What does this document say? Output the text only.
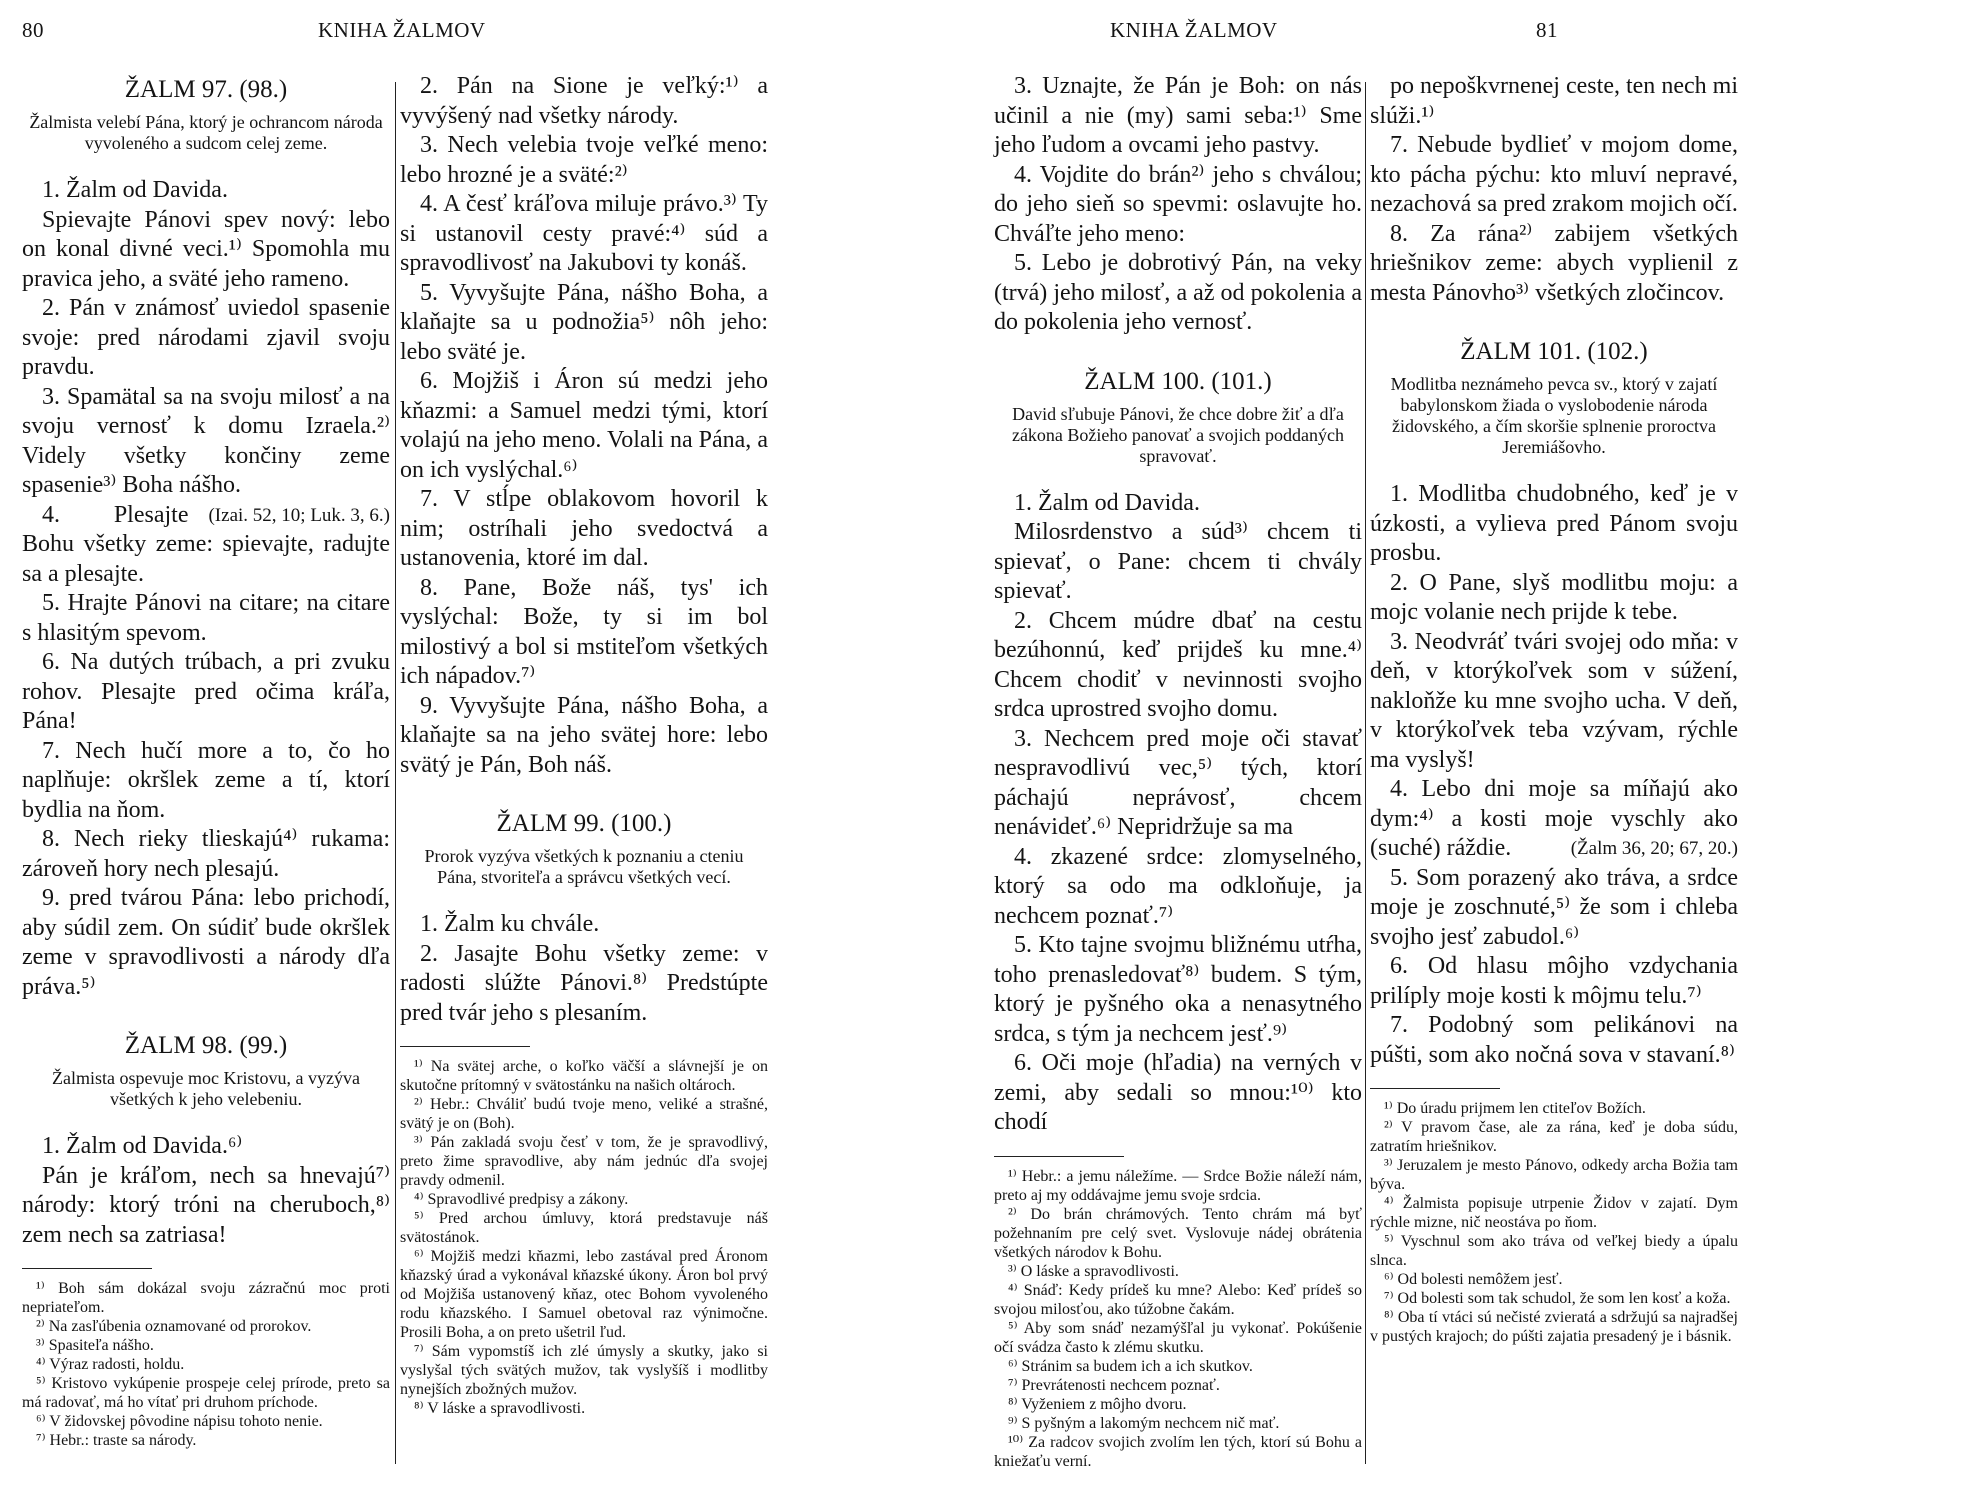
80	KNIHA ŽALMOV
ŽALM 97. (98.)
Žalmista velebí Pána, ktorý je ochrancom národa vyvoleného a sudcom celej zeme.

1. Žalm od Davida.

Spievajte Pánovi spev nový: lebo on konal divné veci.¹⁾ Spomohla mu pravica jeho, a sväté jeho rameno.

2. Pán v známosť uviedol spasenie svoje: pred národami zjavil svoju pravdu.

3. Spamätal sa na svoju milosť a na svoju vernosť k domu Izraela.²⁾ Videly všetky končiny zeme spasenie³⁾ Boha nášho.
(Izai. 52, 10; Luk. 3, 6.)

4. Plesajte Bohu všetky zeme: spievajte, radujte sa a plesajte.

5. Hrajte Pánovi na citare; na citare s hlasitým spevom.

6. Na dutých trúbach, a pri zvuku rohov. Plesajte pred očima kráľa, Pána!

7. Nech hučí more a to, čo ho naplňuje: okršlek zeme a tí, ktorí bydlia na ňom.

8. Nech rieky tlieskajú⁴⁾ rukama: zároveň hory nech plesajú.

9. pred tvárou Pána: lebo prichodí, aby súdil zem. On súdiť bude okršlek zeme v spravodlivosti a národy dľa práva.⁵⁾

ŽALM 98. (99.)
Žalmista ospevuje moc Kristovu, a vyzýva všetkých k jeho velebeniu.

1. Žalm od Davida.⁶⁾

Pán je kráľom, nech sa hnevajú⁷⁾ národy: ktorý tróni na cheruboch,⁸⁾ zem nech sa zatriasa!

¹⁾ Boh sám dokázal svoju zázračnú moc proti nepriateľom.

²⁾ Na zasľúbenia oznamované od prorokov.

³⁾ Spasiteľa nášho.

⁴⁾ Výraz radosti, holdu.

⁵⁾ Kristovo vykúpenie prospeje celej prírode, preto sa má radovať, má ho vítať pri druhom príchode.

⁶⁾ V židovskej pôvodine nápisu tohoto nenie.

⁷⁾ Hebr.: traste sa národy.

2. Pán na Sione je veľký:¹⁾ a vyvýšený nad všetky národy.

3. Nech velebia tvoje veľké meno: lebo hrozné je a sväté:²⁾

4. A česť kráľova miluje právo.³⁾ Ty si ustanovil cesty pravé:⁴⁾ súd a spravodlivosť na Jakubovi ty konáš.

5. Vyvyšujte Pána, nášho Boha, a klaňajte sa u podnožia⁵⁾ nôh jeho: lebo sväté je.

6. Mojžiš i Áron sú medzi jeho kňazmi: a Samuel medzi tými, ktorí volajú na jeho meno. Volali na Pána, a on ich vyslýchal.⁶⁾

7. V stĺpe oblakovom hovoril k nim; ostríhali jeho svedoctvá a ustanovenia, ktoré im dal.

8. Pane, Bože náš, tys' ich vyslýchal: Bože, ty si im bol milostivý a bol si mstiteľom všetkých ich nápadov.⁷⁾

9. Vyvyšujte Pána, nášho Boha, a klaňajte sa na jeho svätej hore: lebo svätý je Pán, Boh náš.

ŽALM 99. (100.)
Prorok vyzýva všetkých k poznaniu a cteniu Pána, stvoriteľa a správcu všetkých vecí.

1. Žalm ku chvále.

2. Jasajte Bohu všetky zeme: v radosti slúžte Pánovi.⁸⁾ Predstúpte pred tvár jeho s plesaním.

¹⁾ Na svätej arche, o koľko väčší a slávnejší je on skutočne prítomný v svätostánku na našich oltároch.

²⁾ Hebr.: Chváliť budú tvoje meno, veliké a strašné, svätý je on (Boh).

³⁾ Pán zakladá svoju česť v tom, že je spravodlivý, preto žime spravodlive, aby nám jednúc dľa svojej pravdy odmenil.

⁴⁾ Spravodlivé predpisy a zákony.

⁵⁾ Pred archou úmluvy, ktorá predstavuje náš svätostánok.

⁶⁾ Mojžiš medzi kňazmi, lebo zastával pred Áronom kňazský úrad a vykonával kňazské úkony. Áron bol prvý od Mojžiša ustanovený kňaz, otec Bohom vyvoleného rodu kňazského. I Samuel obetoval raz výnimočne. Prosili Boha, a on preto ušetril ľud.

⁷⁾ Sám vypomstíš ich zlé úmysly a skutky, jako si vyslyšal tých svätých mužov, tak vyslyšíš i modlitby nynejších zbožných mužov.

⁸⁾ V láske a spravodlivosti.

KNIHA ŽALMOV	81

3. Uznajte, že Pán je Boh: on nás učinil a nie (my) sami seba:¹⁾ Sme jeho ľudom a ovcami jeho pastvy.

4. Vojdite do brán²⁾ jeho s chválou; do jeho sieň so spevmi: oslavujte ho. Chváľte jeho meno:

5. Lebo je dobrotivý Pán, na veky (trvá) jeho milosť, a až od pokolenia a do pokolenia jeho vernosť.

ŽALM 100. (101.)
David sľubuje Pánovi, že chce dobre žiť a dľa zákona Božieho panovať a svojich poddaných spravovať.

1. Žalm od Davida.

Milosrdenstvo a súd³⁾ chcem ti spievať, o Pane: chcem ti chvály spievať.

2. Chcem múdre dbať na cestu bezúhonnú, keď prijdeš ku mne.⁴⁾ Chcem chodiť v nevinnosti svojho srdca uprostred svojho domu.

3. Nechcem pred moje oči stavať nespravodlivú vec,⁵⁾ tých, ktorí páchajú neprávosť, chcem nenávideť.⁶⁾ Nepridržuje sa ma

4. zkazené srdce: zlomyselného, ktorý sa odo ma odkloňuje, ja nechcem poznať.⁷⁾

5. Kto tajne svojmu bližnému utŕha, toho prenasledovať⁸⁾ budem. S tým, ktorý je pyšného oka a nenasytného srdca, s tým ja nechcem jesť.⁹⁾

6. Oči moje (hľadia) na verných v zemi, aby sedali so mnou:¹⁰⁾ kto chodí

¹⁾ Hebr.: a jemu náležíme. — Srdce Božie náleží nám, preto aj my oddávajme jemu svoje srdcia.

²⁾ Do brán chrámových. Tento chrám má byť požehnaním pre celý svet. Vyslovuje nádej obrátenia všetkých národov k Bohu.

³⁾ O láske a spravodlivosti.

⁴⁾ Snáď: Kedy prídeš ku mne? Alebo: Keď prídeš so svojou milosťou, ako túžobne čakám.

⁵⁾ Aby som snáď nezamýšľal ju vykonať. Pokúšenie očí svádza často k zlému skutku.

⁶⁾ Stránim sa budem ich a ich skutkov.

⁷⁾ Prevrátenosti nechcem poznať.

⁸⁾ Vyženiem z môjho dvoru.

⁹⁾ S pyšným a lakomým nechcem nič mať.

¹⁰⁾ Za radcov svojich zvolím len tých, ktorí sú Bohu a kniežaťu verní.

po nepoškvrnenej ceste, ten nech mi slúži.¹⁾

7. Nebude bydlieť v mojom dome, kto pácha pýchu: kto mluví nepravé, nezachová sa pred zrakom mojich očí.

8. Za rána²⁾ zabijem všetkých hriešnikov zeme: abych vyplienil z mesta Pánovho³⁾ všetkých zločincov.

ŽALM 101. (102.)
Modlitba neznámeho pevca sv., ktorý v zajatí babylonskom žiada o vyslobodenie národa židovského, a čím skoršie splnenie proroctva Jeremiášovho.

1. Modlitba chudobného, keď je v úzkosti, a vylieva pred Pánom svoju prosbu.

2. O Pane, slyš modlitbu moju: a mojc volanie nech prijde k tebe.

3. Neodvráť tvári svojej odo mňa: v deň, v ktorýkoľvek som v súžení, nakloňže ku mne svojho ucha. V deň, v ktorýkoľvek teba vzývam, rýchle ma vyslyš!

4. Lebo dni moje sa míňajú ako dym:⁴⁾ a kosti moje vyschly ako (suché) ráždie.	(Žalm 36, 20; 67, 20.)

5. Som porazený ako tráva, a srdce moje je zoschnuté,⁵⁾ že som i chleba svojho jesť zabudol.⁶⁾

6. Od hlasu môjho vzdychania prilíply moje kosti k môjmu telu.⁷⁾

7. Podobný som pelikánovi na púšti, som ako nočná sova v stavaní.⁸⁾

¹⁾ Do úradu prijmem len ctiteľov Božích.

²⁾ V pravom čase, ale za rána, keď je doba súdu, zatratím hriešnikov.

³⁾ Jeruzalem je mesto Pánovo, odkedy archa Božia tam býva.

⁴⁾ Žalmista popisuje utrpenie Židov v zajatí. Dym rýchle mizne, nič neostáva po ňom.

⁵⁾ Vyschnul som ako tráva od veľkej biedy a úpalu slnca.

⁶⁾ Od bolesti nemôžem jesť.

⁷⁾ Od bolesti som tak schudol, že som len kosť a koža.

⁸⁾ Oba tí vtáci sú nečisté zvieratá a sdržujú sa najradšej v pustých krajoch; do púšti zajatia presadený je i básnik.
